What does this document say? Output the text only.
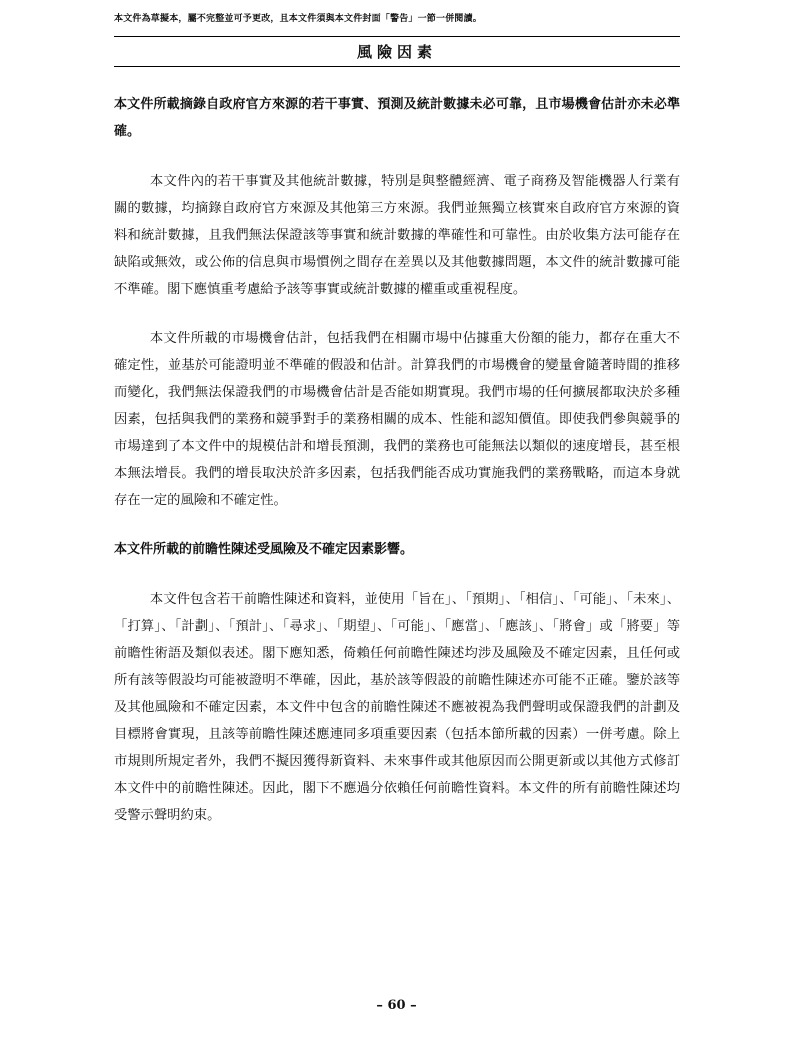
本文件為草擬本，屬不完整並可予更改，且本文件須與本文件封面「警告」一節一併閱讀。
風險因素

本文件所載摘錄自政府官方來源的若干事實、預測及統計數據未必可靠，且市場機會估計亦未必準確。

本文件內的若干事實及其他統計數據，特別是與整體經濟、電子商務及智能機器人行業有關的數據，均摘錄自政府官方來源及其他第三方來源。我們並無獨立核實來自政府官方來源的資料和統計數據，且我們無法保證該等事實和統計數據的準確性和可靠性。由於收集方法可能存在缺陷或無效，或公佈的信息與市場慣例之間存在差異以及其他數據問題，本文件的統計數據可能不準確。閣下應慎重考慮給予該等事實或統計數據的權重或重視程度。

本文件所載的市場機會估計，包括我們在相關市場中佔據重大份額的能力，都存在重大不確定性，並基於可能證明並不準確的假設和估計。計算我們的市場機會的變量會隨著時間的推移而變化，我們無法保證我們的市場機會估計是否能如期實現。我們市場的任何擴展都取決於多種因素，包括與我們的業務和競爭對手的業務相關的成本、性能和認知價值。即使我們參與競爭的市場達到了本文件中的規模估計和增長預測，我們的業務也可能無法以類似的速度增長，甚至根本無法增長。我們的增長取決於許多因素，包括我們能否成功實施我們的業務戰略，而這本身就存在一定的風險和不確定性。

本文件所載的前瞻性陳述受風險及不確定因素影響。

本文件包含若干前瞻性陳述和資料，並使用「旨在」、「預期」、「相信」、「可能」、「未來」、「打算」、「計劃」、「預計」、「尋求」、「期望」、「可能」、「應當」、「應該」、「將會」或「將要」等前瞻性術語及類似表述。閣下應知悉，倚賴任何前瞻性陳述均涉及風險及不確定因素，且任何或所有該等假設均可能被證明不準確，因此，基於該等假設的前瞻性陳述亦可能不正確。鑒於該等及其他風險和不確定因素，本文件中包含的前瞻性陳述不應被視為我們聲明或保證我們的計劃及目標將會實現，且該等前瞻性陳述應連同多項重要因素（包括本節所載的因素）一併考慮。除上市規則所規定者外，我們不擬因獲得新資料、未來事件或其他原因而公開更新或以其他方式修訂本文件中的前瞻性陳述。因此，閣下不應過分依賴任何前瞻性資料。本文件的所有前瞻性陳述均受警示聲明約束。

– 60 –
